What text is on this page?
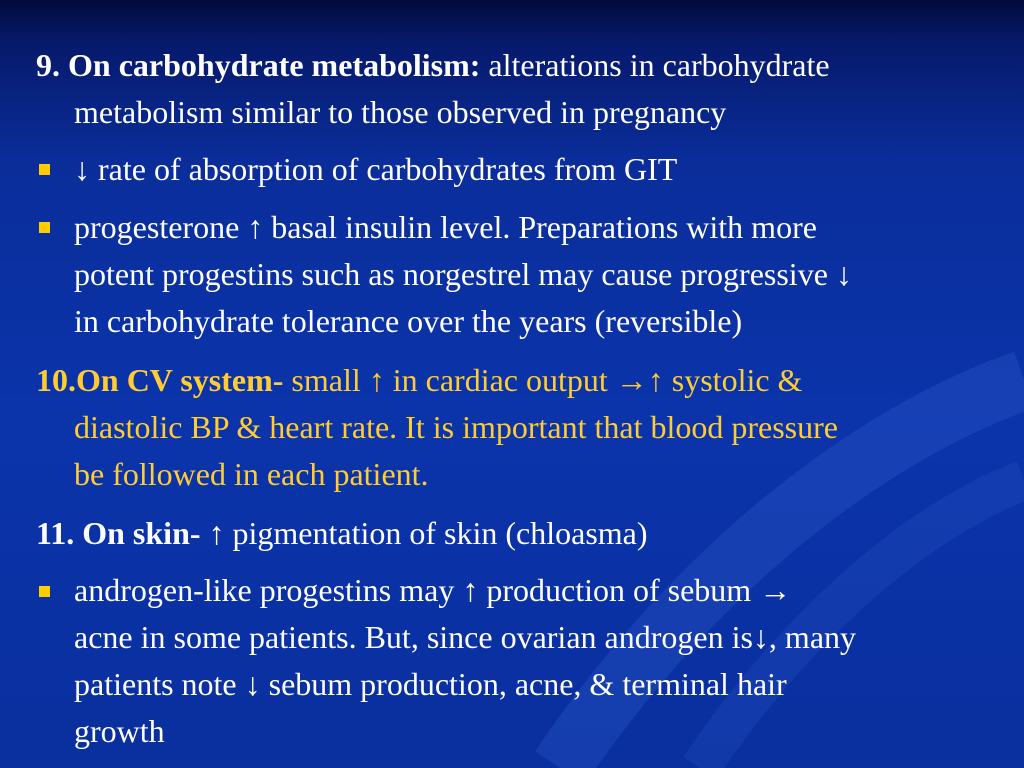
9. On carbohydrate metabolism: alterations in carbohydrate
metabolism similar to those observed in pregnancy
↓ rate of absorption of carbohydrates from GIT
progesterone ↑ basal insulin level. Preparations with more
potent progestins such as norgestrel may cause progressive ↓
in carbohydrate tolerance over the years (reversible)
10.On CV system- small ↑ in cardiac output →↑ systolic &
diastolic BP & heart rate. It is important that blood pressure
be followed in each patient.
11. On skin- ↑ pigmentation of skin (chloasma)
androgen-like progestins may ↑ production of sebum →
acne in some patients. But, since ovarian androgen is↓, many
patients note ↓ sebum production, acne, & terminal hair
growth
